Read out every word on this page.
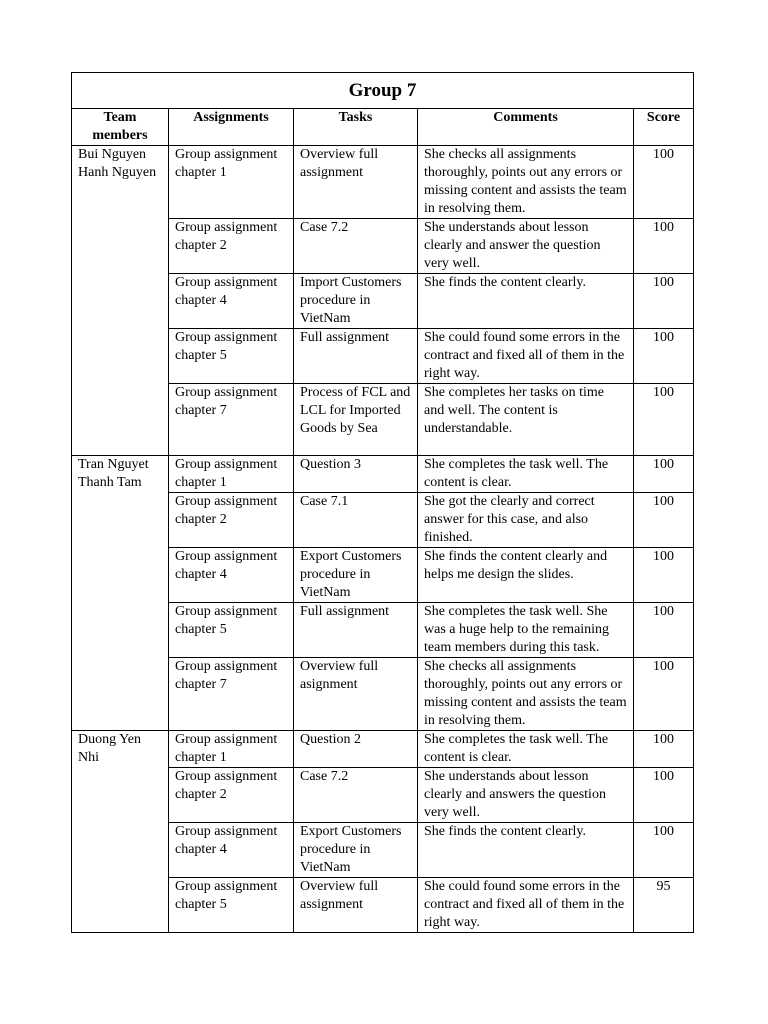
Group 7				
Team members	Assignments	Tasks	Comments	Score
Bui Nguyen Hanh Nguyen	Group assignment chapter 1	Overview full assignment	She checks all assignments thoroughly, points out any errors or missing content and assists the team in resolving them.	100
	Group assignment chapter 2	Case 7.2	She understands about lesson clearly and answer the question very well.	100
	Group assignment chapter 4	Import Customers procedure in VietNam	She finds the content clearly.	100
	Group assignment chapter 5	Full assignment	She could found some errors in the contract and fixed all of them in the right way.	100
	Group assignment chapter 7	Process of FCL and LCL for Imported Goods by Sea	She completes her tasks on time and well. The content is understandable.	100
Tran Nguyet Thanh Tam	Group assignment chapter 1	Question 3	She completes the task well. The content is clear.	100
	Group assignment chapter 2	Case 7.1	She got the clearly and correct answer for this case, and also finished.	100
	Group assignment chapter 4	Export Customers procedure in VietNam	She finds the content clearly and helps me design the slides.	100
	Group assignment chapter 5	Full assignment	She completes the task well. She was a huge help to the remaining team members during this task.	100
	Group assignment chapter 7	Overview full asignment	She checks all assignments thoroughly, points out any errors or missing content and assists the team in resolving them.	100
Duong Yen Nhi	Group assignment chapter 1	Question 2	She completes the task well. The content is clear.	100
	Group assignment chapter 2	Case 7.2	She understands about lesson clearly and answers the question very well.	100
	Group assignment chapter 4	Export Customers procedure in VietNam	She finds the content clearly.	100
	Group assignment chapter 5	Overview full assignment	She could found some errors in the contract and fixed all of them in the right way.	95
